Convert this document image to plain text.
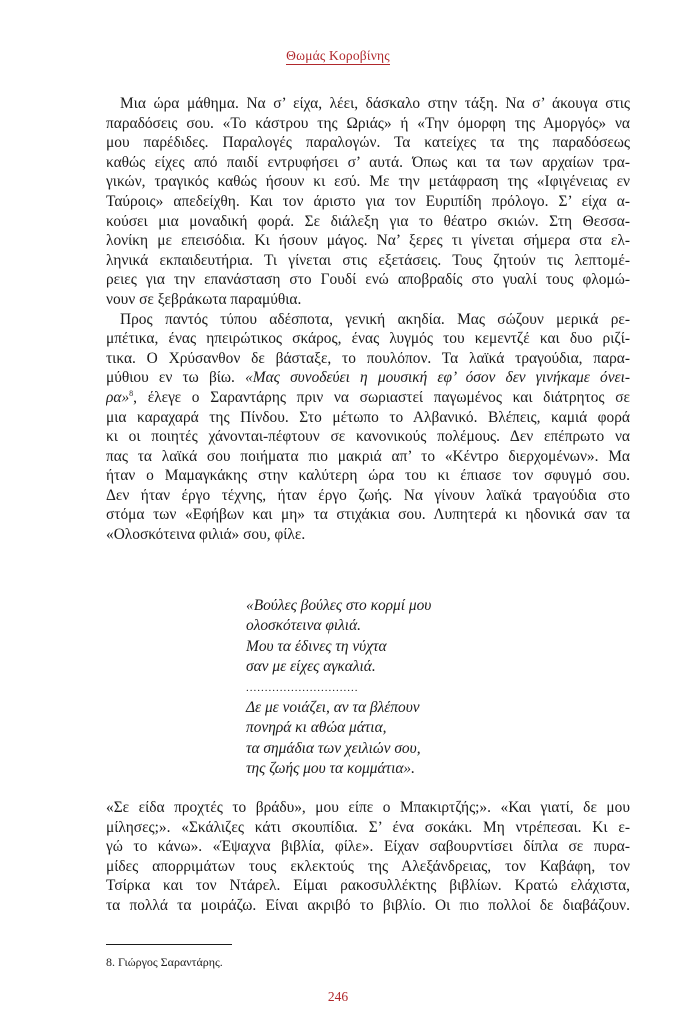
Θωμάς Κοροβίνης
Μια ώρα μάθημα. Να σ’ είχα, λέει, δάσκαλο στην τάξη. Να σ’ άκουγα στις
παραδόσεις σου. «Το κάστρου της Ωριάς» ή «Την όμορφη της Αμοργός» να
μου παρέδιδες. Παραλογές παραλογών. Τα κατείχες τα της παραδόσεως
καθώς είχες από παιδί εντρυφήσει σ’ αυτά. Όπως και τα των αρχαίων τρα-
γικών, τραγικός καθώς ήσουν κι εσύ. Με την μετάφραση της «Ιφιγένειας εν
Ταύροις» απεδείχθη. Και τον άριστο για τον Ευριπίδη πρόλογο. Σ’ είχα α-
κούσει μια μοναδική φορά. Σε διάλεξη για το θέατρο σκιών. Στη Θεσσα-
λονίκη με επεισόδια. Κι ήσουν μάγος. Να’ ξερες τι γίνεται σήμερα στα ελ-
ληνικά εκπαιδευτήρια. Τι γίνεται στις εξετάσεις. Τους ζητούν τις λεπτομέ-
ρειες για την επανάσταση στο Γουδί ενώ αποβραδίς στο γυαλί τους φλομώ-
νουν σε ξεβράκωτα παραμύθια.
Προς παντός τύπου αδέσποτα, γενική ακηδία. Μας σώζουν μερικά ρε-
μπέτικα, ένας ηπειρώτικος σκάρος, ένας λυγμός του κεμεντζέ και δυο ριζί-
τικα. Ο Χρύσανθον δε βάσταξε, το πουλόπον. Τα λαϊκά τραγούδια, παρα-
μύθιου εν τω βίω. «Μας συνοδεύει η μουσική εφ’ όσον δεν γινήκαμε όνει-
ρα»$^8$, έλεγε ο Σαραντάρης πριν να σωριαστεί παγωμένος και διάτρητος σε
μια καραχαρά της Πίνδου. Στο μέτωπο το Αλβανικό. Βλέπεις, καμιά φορά
κι οι ποιητές χάνονται-πέφτουν σε κανονικούς πολέμους. Δεν επέπρωτο να
πας τα λαϊκά σου ποιήματα πιο μακριά απ’ το «Κέντρο διερχομένων». Μα
ήταν ο Μαμαγκάκης στην καλύτερη ώρα του κι έπιασε τον σφυγμό σου.
Δεν ήταν έργο τέχνης, ήταν έργο ζωής. Να γίνουν λαϊκά τραγούδια στο
στόμα των «Εφήβων και μη» τα στιχάκια σου. Λυπητερά κι ηδονικά σαν τα
«Ολοσκότεινα φιλιά» σου, φίλε.
«Βούλες βούλες στο κορμί μου
ολοσκότεινα φιλιά.
Μου τα έδινες τη νύχτα
σαν με είχες αγκαλιά.
..............................
Δε με νοιάζει, αν τα βλέπουν
πονηρά κι αθώα μάτια,
τα σημάδια των χειλιών σου,
της ζωής μου τα κομμάτια».
«Σε είδα προχτές το βράδυ», μου είπε ο Μπακιρτζής;». «Και γιατί, δε μου
μίλησες;». «Σκάλιζες κάτι σκουπίδια. Σ’ ένα σοκάκι. Μη ντρέπεσαι. Κι ε-
γώ το κάνω». «Έψαχνα βιβλία, φίλε». Είχαν σαβουρντίσει δίπλα σε πυρα-
μίδες απορριμάτων τους εκλεκτούς της Αλεξάνδρειας, τον Καβάφη, τον
Τσίρκα και τον Ντάρελ. Είμαι ρακοσυλλέκτης βιβλίων. Κρατώ ελάχιστα,
τα πολλά τα μοιράζω. Είναι ακριβό το βιβλίο. Οι πιο πολλοί δε διαβάζουν.
8. Γιώργος Σαραντάρης.
246
